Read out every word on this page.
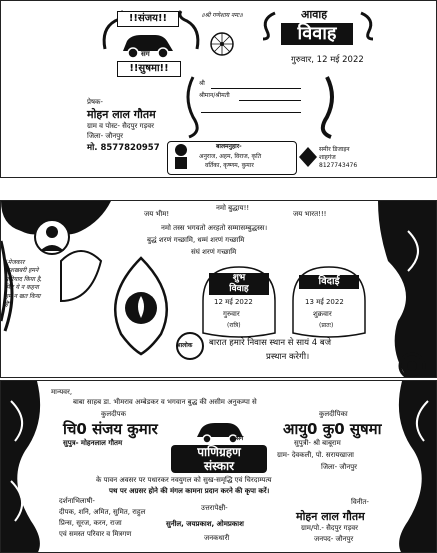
!!संजय!!
संग
!!सुषमा!!
॥श्री गणेशाय नमः॥	आवाह
विवाह
गुरुवार, 12 मई 2022
श्री
श्रीमान/श्रीमती
प्रेषक-
मोहन लाल गौतम
ग्राम व पोस्ट- सैदपुर गड़वर
जिला- जौनपुर
मो. 8577820957	बालमनुहार-
अनुराज, अहम, विराज, कृति
वर्तिका, कृष्णम, कुमार
समीर डिजाइन
शाहगंज
8127743476
"मेजकार खुशखबरी हमने फरियाद किया है, फिर ये न कहना हमें न खत किया है"
जय भीम!
नमो बुद्धाय!!
जय भारत!!!
नमो तस्स भगवतो अरहतो सम्मासम्बुद्धस्स।
बुद्धं शरणं गच्छामि, धम्मं शरणं गच्छामि
संघं शरणं गच्छामि
शुभ
विवाह
12 मई 2022
गुरुवार
(रात्रि)
विदाई
13 मई 2022
शुक्रवार
(प्रातः)
आलोक बारात हमारे निवास स्थान से सायं 4 बजे
प्रस्थान करेगी।
मान्यवर,
बाबा साहब डा. भीमराव अम्बेडकर व भगवान बुद्ध की असीम अनुकम्पा से
कुलदीपक
चि0 संजय कुमार
सुपुत्र- मोहनलाल गौतम
कुलदीपिका
आयु0 कु0 सुषमा
सुपुत्री- श्री बाबूराम
ग्राम- देवकली, पो. सरायखाजा
जिला- जौनपुर
संग
पाणिग्रहण
संस्कार
के पावन अवसर पर पधारकर नवयुगल को सुख-समृद्धि एवं चिरदाम्पत्य
पथ पर अग्रसर होने की मंगल कामना प्रदान करने की कृपा करें।
दर्शनाभिलाषी-
दीपक, शनि, अमित, सुमित, राहुल
प्रिन्स, सूरज, करन, राजा
एवं समस्त परिवार व मित्रगण
उत्तरापेक्षी-
सुनील, जयप्रकाश, ओमप्रकाश
जनकधारी
विनीत-
मोहन लाल गौतम
ग्राम/पो.- सैदपुर गड़वर
जनपद- जौनपुर
